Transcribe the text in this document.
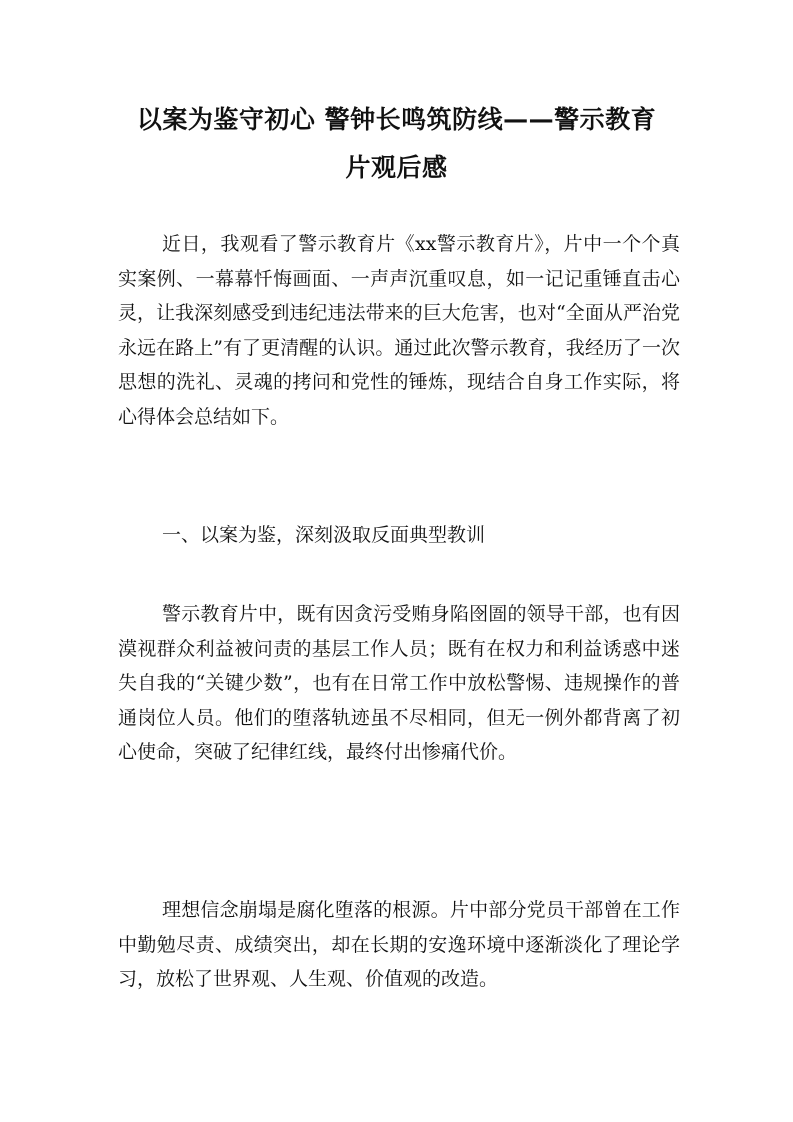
以案为鉴守初心 警钟长鸣筑防线——警示教育
片观后感

近日，我观看了警示教育片《xx警示教育片》，片中一个个真实案例、一幕幕忏悔画面、一声声沉重叹息，如一记记重锤直击心灵，让我深刻感受到违纪违法带来的巨大危害，也对“全面从严治党永远在路上”有了更清醒的认识。通过此次警示教育，我经历了一次思想的洗礼、灵魂的拷问和党性的锤炼，现结合自身工作实际，将心得体会总结如下。

一、以案为鉴，深刻汲取反面典型教训

警示教育片中，既有因贪污受贿身陷囹圄的领导干部，也有因漠视群众利益被问责的基层工作人员；既有在权力和利益诱惑中迷失自我的“关键少数”，也有在日常工作中放松警惕、违规操作的普通岗位人员。他们的堕落轨迹虽不尽相同，但无一例外都背离了初心使命，突破了纪律红线，最终付出惨痛代价。

理想信念崩塌是腐化堕落的根源。片中部分党员干部曾在工作中勤勉尽责、成绩突出，却在长期的安逸环境中逐渐淡化了理论学习，放松了世界观、人生观、价值观的改造。
